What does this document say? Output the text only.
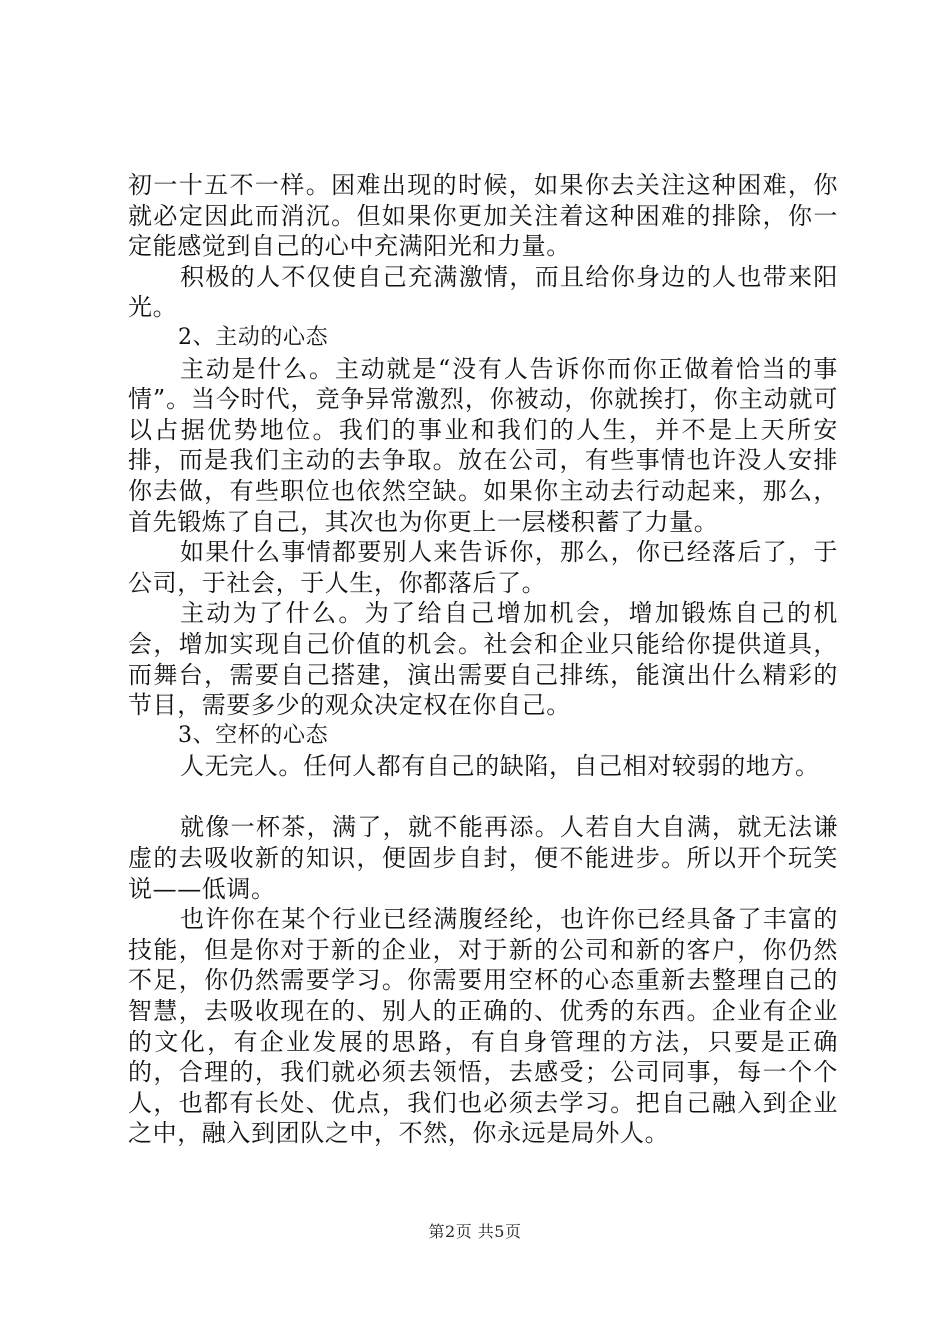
初一十五不一样。困难出现的时候，如果你去关注这种困难，你就必定因此而消沉。但如果你更加关注着这种困难的排除，你一定能感觉到自己的心中充满阳光和力量。

积极的人不仅使自己充满激情，而且给你身边的人也带来阳光。

2、主动的心态

主动是什么。主动就是“没有人告诉你而你正做着恰当的事情”。当今时代，竞争异常激烈，你被动，你就挨打，你主动就可以占据优势地位。我们的事业和我们的人生，并不是上天所安排，而是我们主动的去争取。放在公司，有些事情也许没人安排你去做，有些职位也依然空缺。如果你主动去行动起来，那么，首先锻炼了自己，其次也为你更上一层楼积蓄了力量。

如果什么事情都要别人来告诉你，那么，你已经落后了，于公司，于社会，于人生，你都落后了。

主动为了什么。为了给自己增加机会，增加锻炼自己的机会，增加实现自己价值的机会。社会和企业只能给你提供道具，而舞台，需要自己搭建，演出需要自己排练，能演出什么精彩的节目，需要多少的观众决定权在你自己。

3、空杯的心态

人无完人。任何人都有自己的缺陷，自己相对较弱的地方。

就像一杯茶，满了，就不能再添。人若自大自满，就无法谦虚的去吸收新的知识，便固步自封，便不能进步。所以开个玩笑说——低调。

也许你在某个行业已经满腹经纶，也许你已经具备了丰富的技能，但是你对于新的企业，对于新的公司和新的客户，你仍然不足，你仍然需要学习。你需要用空杯的心态重新去整理自己的智慧，去吸收现在的、别人的正确的、优秀的东西。企业有企业的文化，有企业发展的思路，有自身管理的方法，只要是正确的，合理的，我们就必须去领悟，去感受；公司同事，每一个个人，也都有长处、优点，我们也必须去学习。把自己融入到企业之中，融入到团队之中，不然，你永远是局外人。

第2页 共5页
